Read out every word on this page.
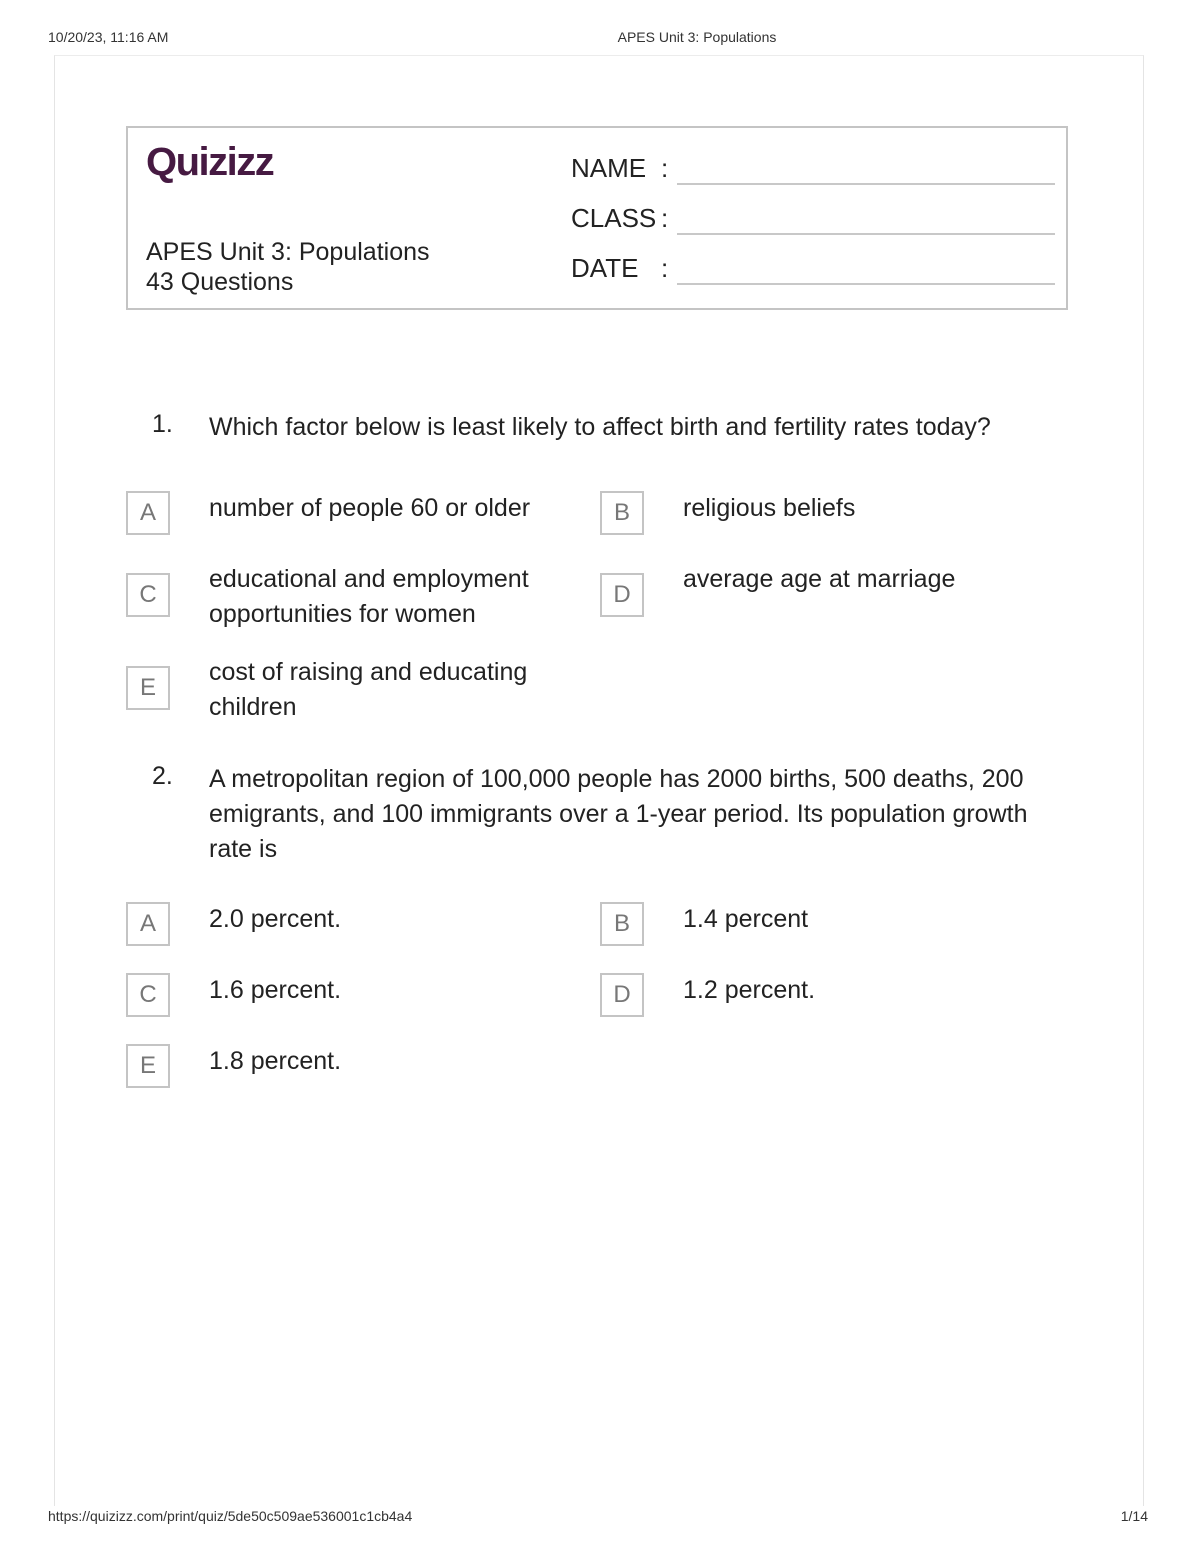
10/20/23, 11:16 AM	APES Unit 3: Populations
Quizizz
APES Unit 3: Populations
43 Questions
NAME :
CLASS :
DATE :
1. Which factor below is least likely to affect birth and fertility rates today?
A	number of people 60 or older	B	religious beliefs
C
educational and employment opportunities for women
D
average age at marriage
E
cost of raising and educating children
2. A metropolitan region of 100,000 people has 2000 births, 500 deaths, 200 emigrants, and 100 immigrants over a 1-year period. Its population growth rate is
A	2.0 percent.	B	1.4 percent
C	1.6 percent.	D	1.2 percent.
E	1.8 percent.
https://quizizz.com/print/quiz/5de50c509ae536001c1cb4a4	1/14
